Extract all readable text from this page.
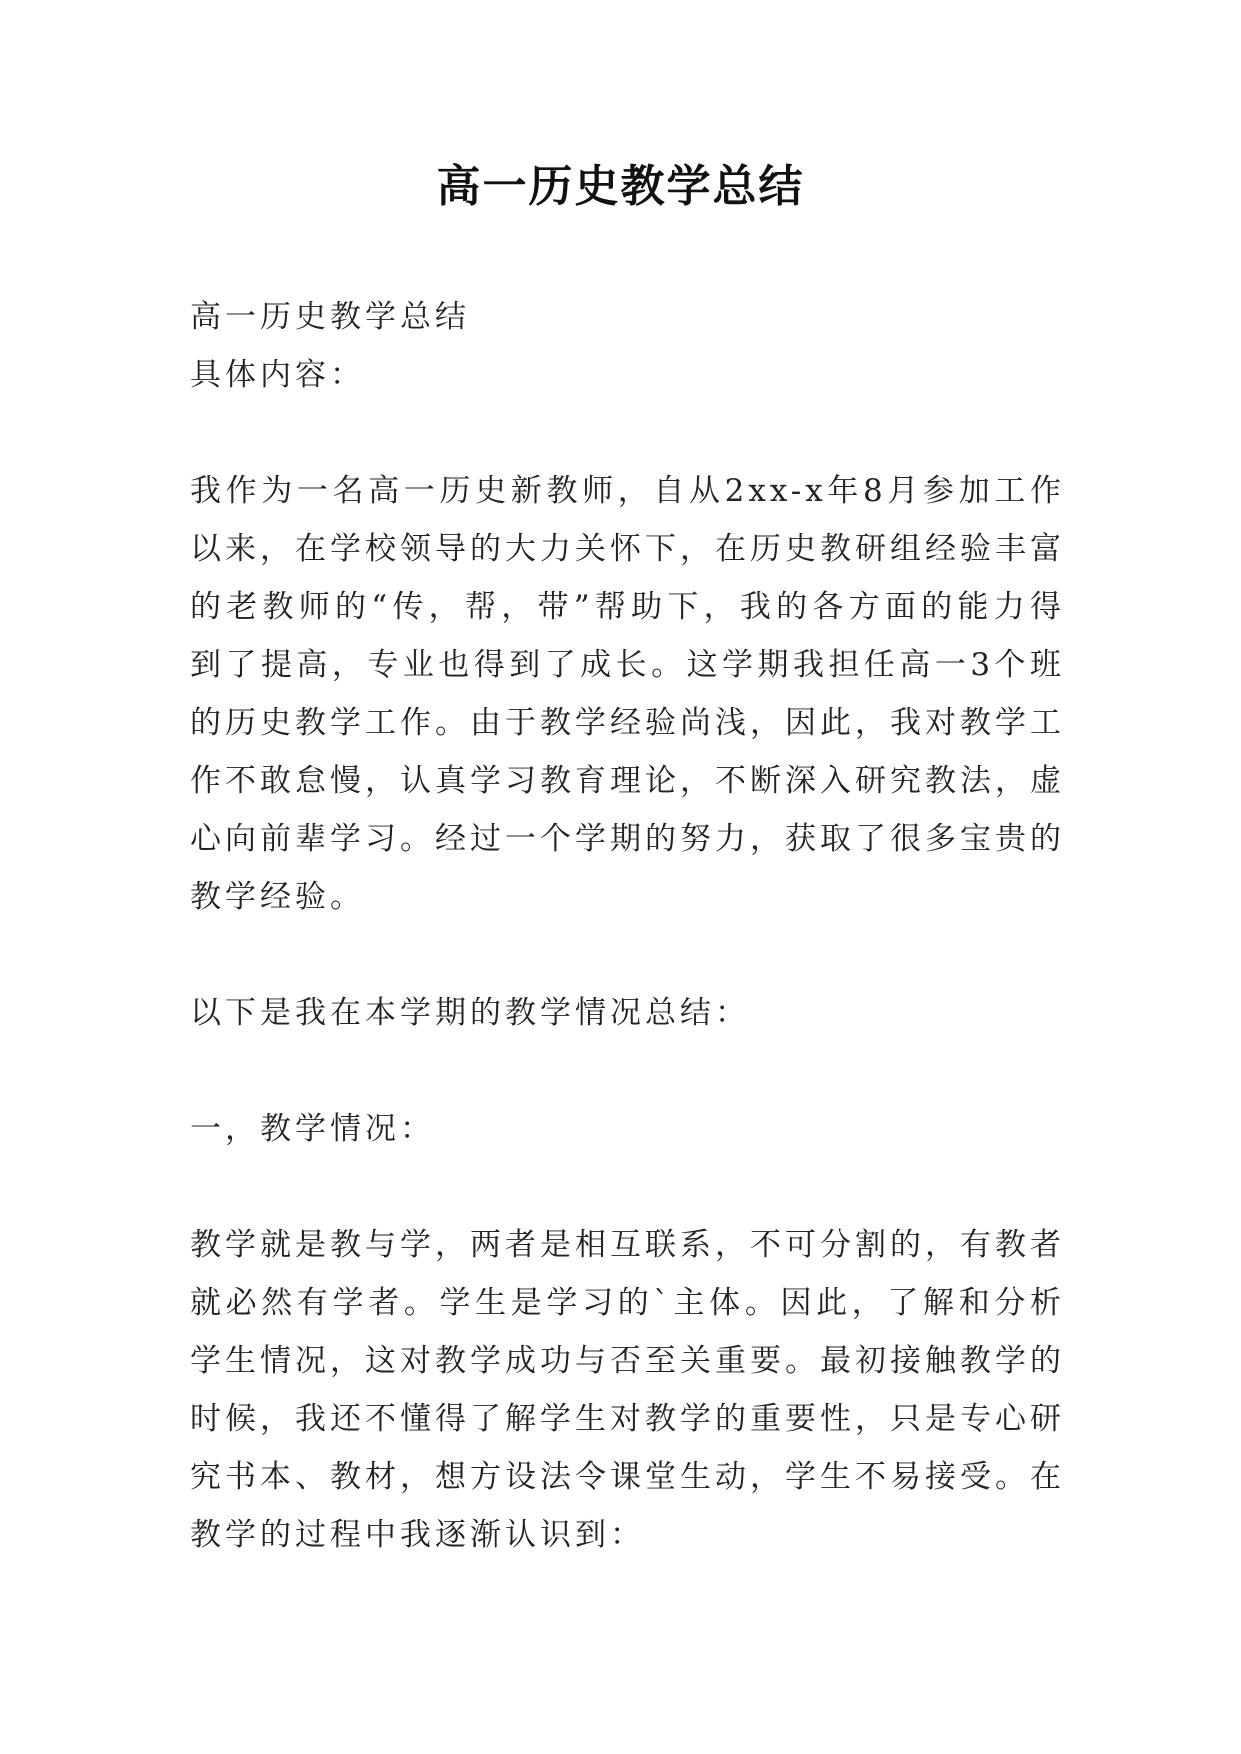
高一历史教学总结

高一历史教学总结

具体内容：

我作为一名高一历史新教师，自从2xx-x年8月参加工作以来，在学校领导的大力关怀下，在历史教研组经验丰富的老教师的“传，帮，带”帮助下，我的各方面的能力得到了提高，专业也得到了成长。这学期我担任高一3个班的历史教学工作。由于教学经验尚浅，因此，我对教学工作不敢怠慢，认真学习教育理论，不断深入研究教法，虚心向前辈学习。经过一个学期的努力，获取了很多宝贵的教学经验。

以下是我在本学期的教学情况总结：

一，教学情况：

教学就是教与学，两者是相互联系，不可分割的，有教者就必然有学者。学生是学习的`主体。因此，了解和分析学生情况，这对教学成功与否至关重要。最初接触教学的时候，我还不懂得了解学生对教学的重要性，只是专心研究书本、教材，想方设法令课堂生动，学生不易接受。在教学的过程中我逐渐认识到：
